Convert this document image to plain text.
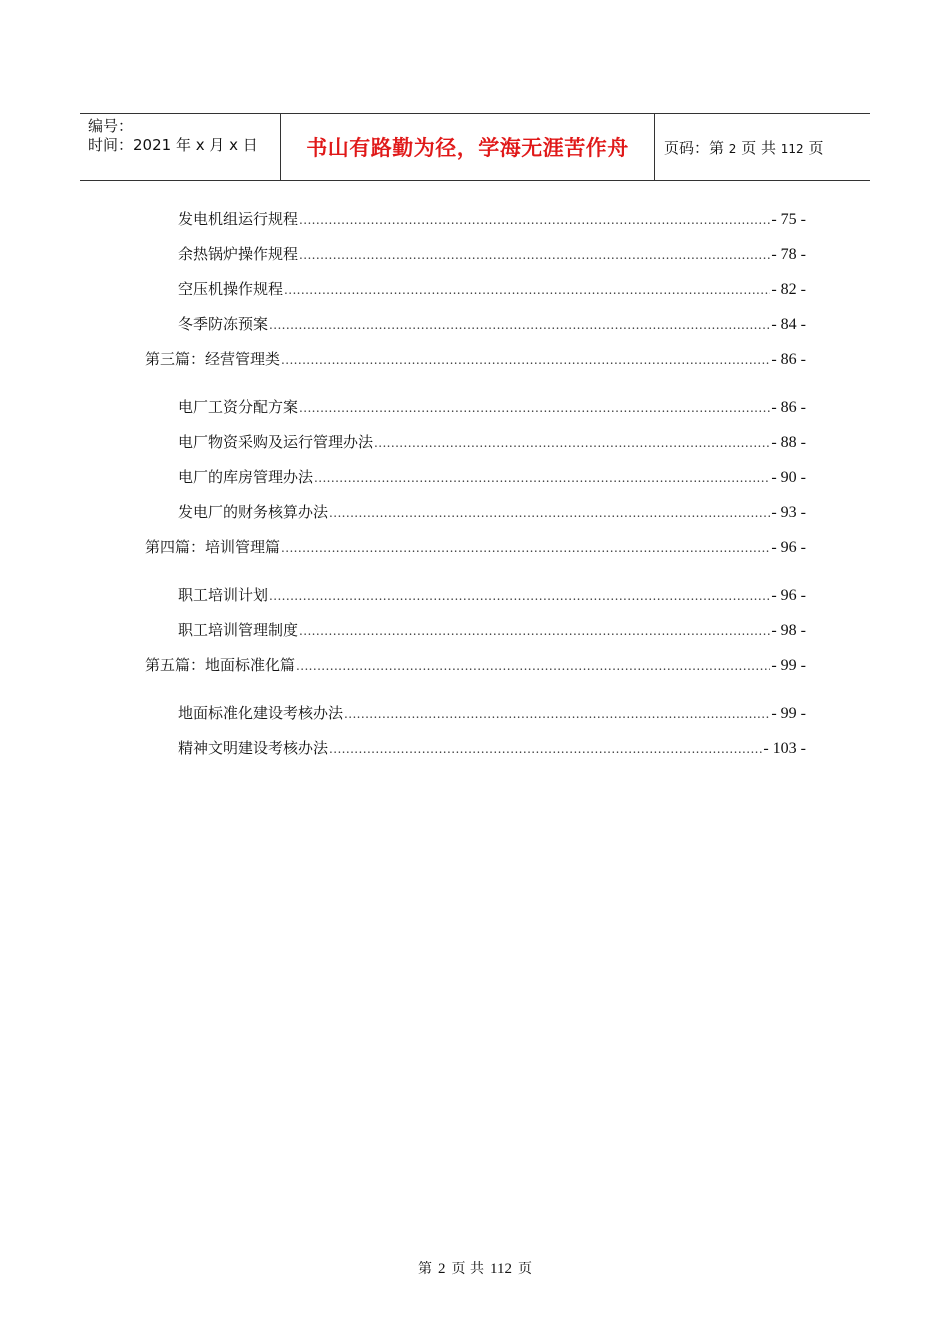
编号：
时间：2021 年 x 月 x 日	书山有路勤为径，学海无涯苦作舟 页码：第 2 页 共 112 页
发电机组运行规程 .....	- 75 -
余热锅炉操作规程 .....	- 78 -
空压机操作规程 .....	- 82 -
冬季防冻预案 .....	- 84 -
第三篇：经营管理类 .....	- 86 -
电厂工资分配方案 .....	- 86 -
电厂物资采购及运行管理办法 .....	- 88 -
电厂的库房管理办法 .....	- 90 -
发电厂的财务核算办法 .....	- 93 -
第四篇：培训管理篇 .....	- 96 -
职工培训计划 .....	- 96 -
职工培训管理制度 .....	- 98 -
第五篇：地面标准化篇 .....	- 99 -
地面标准化建设考核办法 .....	- 99 -
精神文明建设考核办法 .....	- 103 -
第 2 页 共 112 页
